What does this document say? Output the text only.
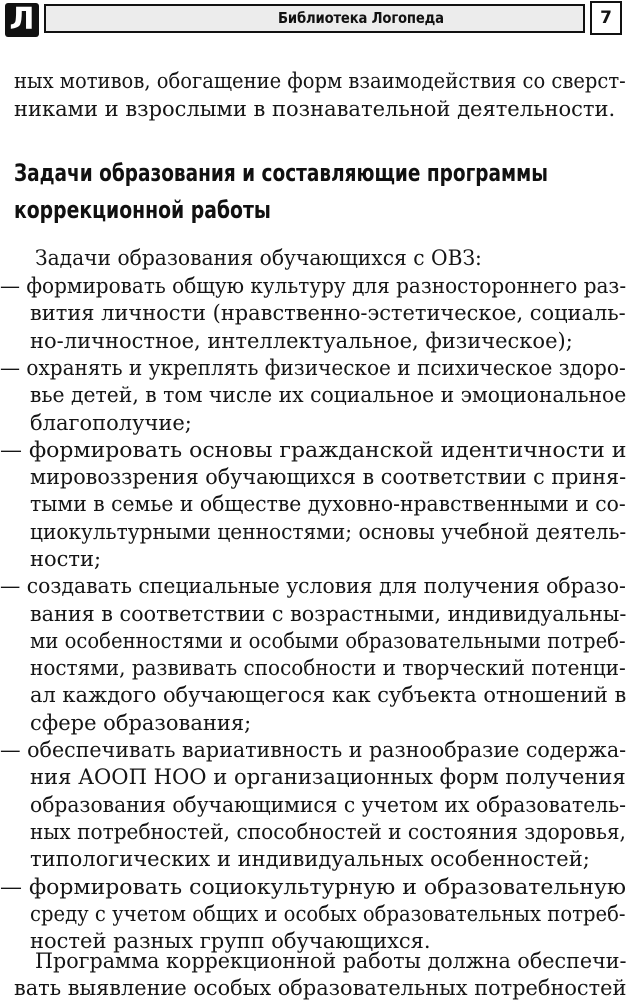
Л	Библиотека Логопеда	7
ных мотивов, обогащение форм взаимодействия со сверст-
никами и взрослыми в познавательной деятельности.
Задачи образования и составляющие программы
коррекционной работы
Задачи образования обучающихся с ОВЗ:
— формировать общую культуру для разностороннего раз-
вития личности (нравственно-эстетическое, социаль-
но-личностное, интеллектуальное, физическое);
— охранять и укреплять физическое и психическое здоро-
вье детей, в том числе их социальное и эмоциональное
благополучие;
— формировать основы гражданской идентичности и
мировоззрения обучающихся в соответствии с приня-
тыми в семье и обществе духовно-нравственными и со-
циокультурными ценностями; основы учебной деятель-
ности;
— создавать специальные условия для получения образо-
вания в соответствии с возрастными, индивидуальны-
ми особенностями и особыми образовательными потреб-
ностями, развивать способности и творческий потенци-
ал каждого обучающегося как субъекта отношений в
сфере образования;
— обеспечивать вариативность и разнообразие содержа-
ния АООП НОО и организационных форм получения
образования обучающимися с учетом их образователь-
ных потребностей, способностей и состояния здоровья,
типологических и индивидуальных особенностей;
— формировать социокультурную и образовательную
среду с учетом общих и особых образовательных потреб-
ностей разных групп обучающихся.
Программа коррекционной работы должна обеспечи-
вать выявление особых образовательных потребностей
